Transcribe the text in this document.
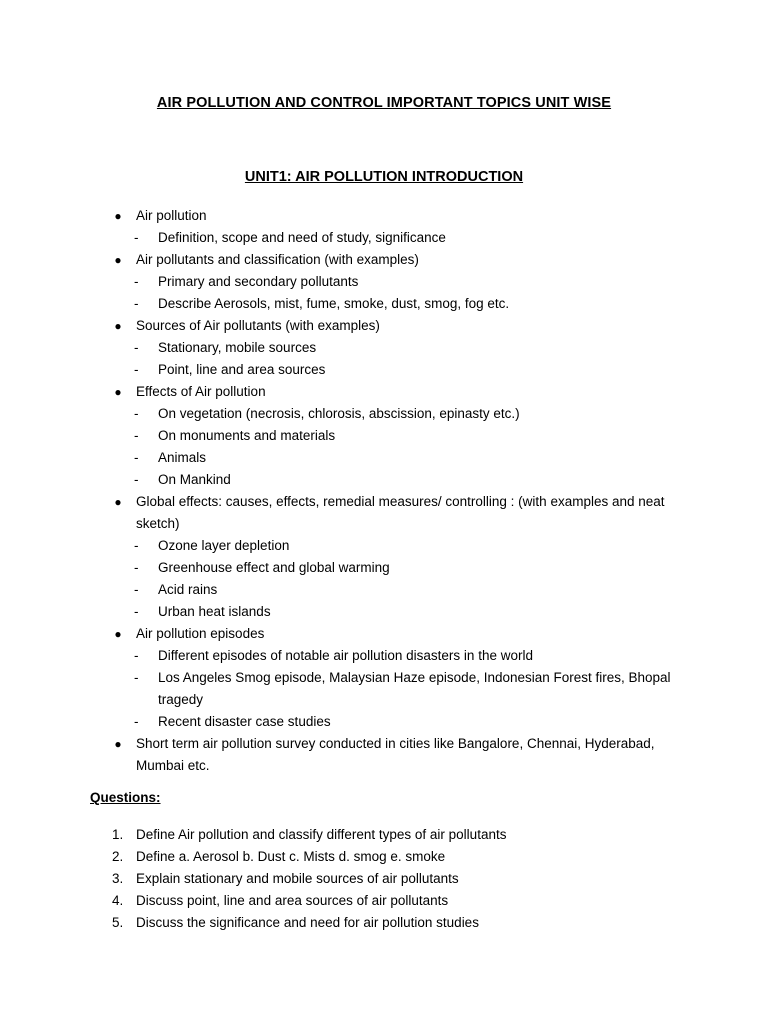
AIR POLLUTION AND CONTROL IMPORTANT TOPICS UNIT WISE
UNIT1: AIR POLLUTION INTRODUCTION
● Air pollution
- Definition, scope and need of study, significance
● Air pollutants and classification (with examples)
- Primary and secondary pollutants
- Describe Aerosols, mist, fume, smoke, dust, smog, fog etc.
● Sources of Air pollutants (with examples)
- Stationary, mobile sources
- Point, line and area sources
● Effects of Air pollution
- On vegetation (necrosis, chlorosis, abscission, epinasty etc.)
- On monuments and materials
- Animals
- On Mankind
● Global effects: causes, effects, remedial measures/ controlling : (with examples and neat sketch)
- Ozone layer depletion
- Greenhouse effect and global warming
- Acid rains
- Urban heat islands
● Air pollution episodes
- Different episodes of notable air pollution disasters in the world
- Los Angeles Smog episode, Malaysian Haze episode, Indonesian Forest fires, Bhopal tragedy
- Recent disaster case studies
● Short term air pollution survey conducted in cities like Bangalore, Chennai, Hyderabad, Mumbai etc.
Questions:
1. Define Air pollution and classify different types of air pollutants
2. Define a. Aerosol b. Dust c. Mists d. smog e. smoke
3. Explain stationary and mobile sources of air pollutants
4. Discuss point, line and area sources of air pollutants
5. Discuss the significance and need for air pollution studies
